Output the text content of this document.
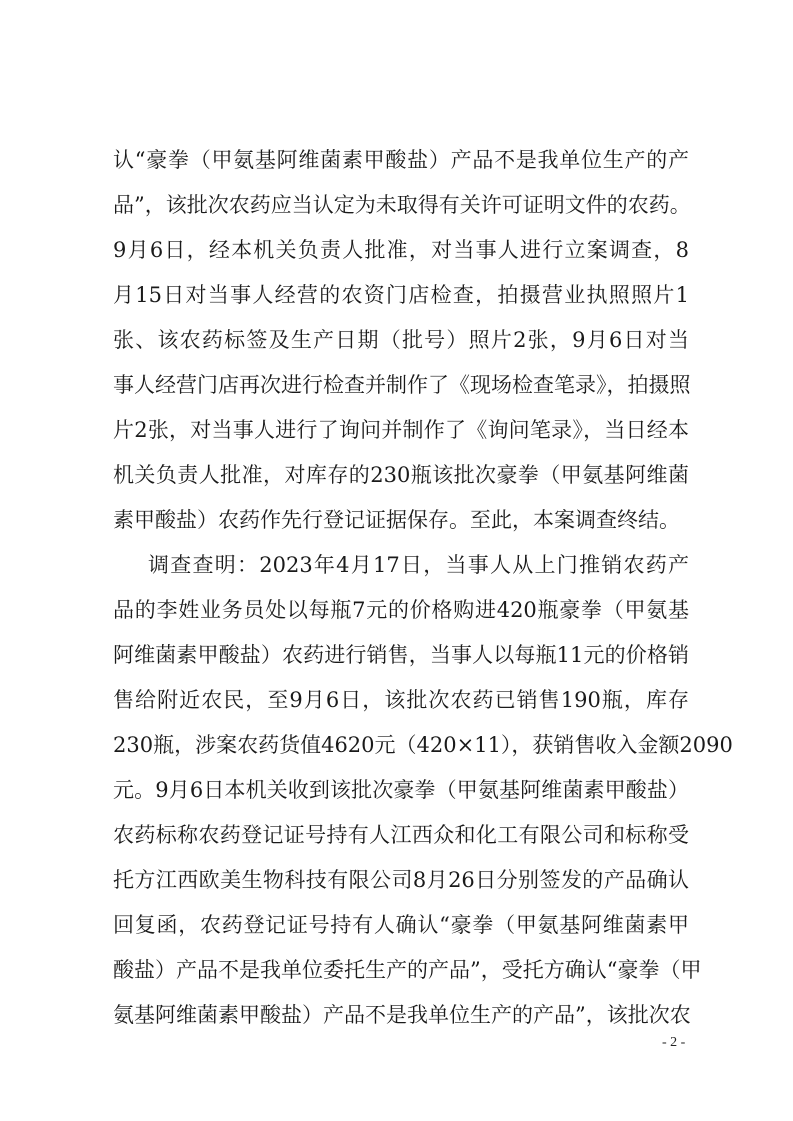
认“豪拳（甲氨基阿维菌素甲酸盐）产品不是我单位生产的产
品”，该批次农药应当认定为未取得有关许可证明文件的农药。
9月6日，经本机关负责人批准，对当事人进行立案调查，8
月15日对当事人经营的农资门店检查，拍摄营业执照照片1
张、该农药标签及生产日期（批号）照片2张，9月6日对当
事人经营门店再次进行检查并制作了《现场检查笔录》，拍摄照
片2张，对当事人进行了询问并制作了《询问笔录》，当日经本
机关负责人批准，对库存的230瓶该批次豪拳（甲氨基阿维菌
素甲酸盐）农药作先行登记证据保存。至此，本案调查终结。
调查查明：2023年4月17日，当事人从上门推销农药产
品的李姓业务员处以每瓶7元的价格购进420瓶豪拳（甲氨基
阿维菌素甲酸盐）农药进行销售，当事人以每瓶11元的价格销
售给附近农民，至9月6日，该批次农药已销售190瓶，库存
230瓶，涉案农药货值4620元（420×11），获销售收入金额2090
元。9月6日本机关收到该批次豪拳（甲氨基阿维菌素甲酸盐）
农药标称农药登记证号持有人江西众和化工有限公司和标称受
托方江西欧美生物科技有限公司8月26日分别签发的产品确认
回复函，农药登记证号持有人确认“豪拳（甲氨基阿维菌素甲
酸盐）产品不是我单位委托生产的产品”，受托方确认“豪拳（甲
氨基阿维菌素甲酸盐）产品不是我单位生产的产品”，该批次农
- 2 -
